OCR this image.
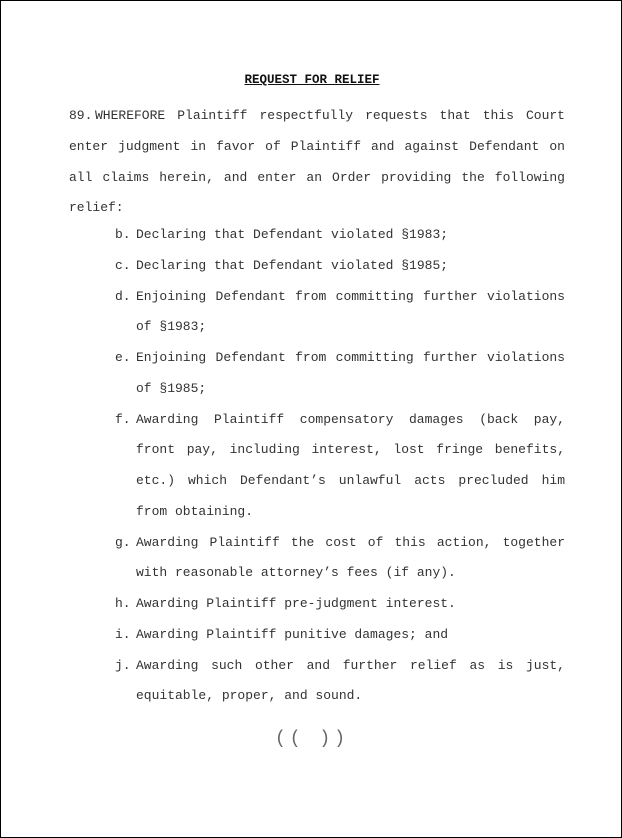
REQUEST FOR RELIEF
89. WHEREFORE Plaintiff respectfully requests that this Court enter judgment in favor of Plaintiff and against Defendant on all claims herein, and enter an Order providing the following relief:
b. Declaring that Defendant violated §1983;
c. Declaring that Defendant violated §1985;
d. Enjoining Defendant from committing further violations of §1983;
e. Enjoining Defendant from committing further violations of §1985;
f. Awarding Plaintiff compensatory damages (back pay, front pay, including interest, lost fringe benefits, etc.) which Defendant’s unlawful acts precluded him from obtaining.
g. Awarding Plaintiff the cost of this action, together with reasonable attorney’s fees (if any).
h. Awarding Plaintiff pre-judgment interest.
i. Awarding Plaintiff punitive damages; and
j. Awarding such other and further relief as is just, equitable, proper, and sound.
(( ))
